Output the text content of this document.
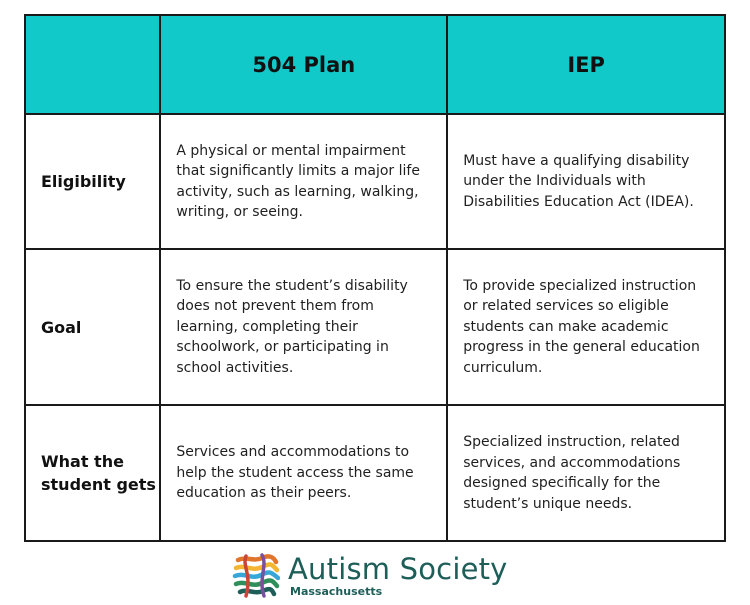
	504 Plan	IEP
Eligibility	A physical or mental impairment that significantly limits a major life activity, such as learning, walking, writing, or seeing.	Must have a qualifying disability under the Individuals with Disabilities Education Act (IDEA).
Goal	To ensure the student’s disability does not prevent them from learning, completing their schoolwork, or participating in school activities.	To provide specialized instruction or related services so eligible students can make academic progress in the general education curriculum.
What the student gets	Services and accommodations to help the student access the same education as their peers.	Specialized instruction, related services, and accommodations designed specifically for the student’s unique needs.
Autism Society
Massachusetts
